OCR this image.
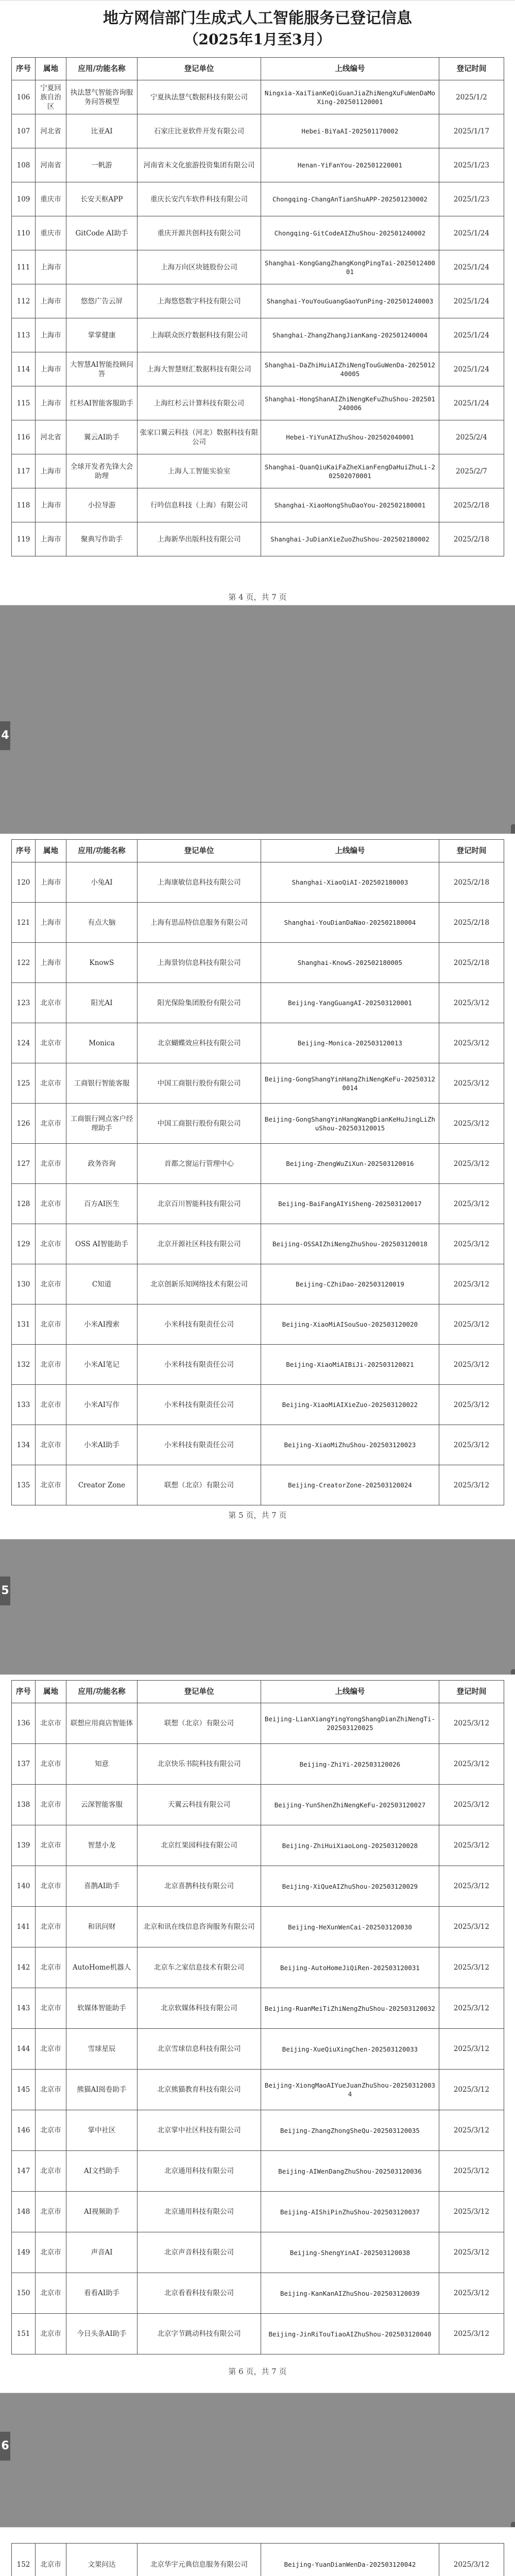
地方网信部门生成式人工智能服务已登记信息
（2025年1月至3月）
序号	属地	应用/功能名称	登记单位	上线编号	登记时间
106	宁夏回族自治区	执法慧气智能咨询服务问答模型	宁夏执法慧气数据科技有限公司	Ningxia-XaiTianKeQiGuanJiaZhiNengXuFuWenDaMoXing-202501120001	2025/1/2
107	河北省	比亚AI	石家庄比亚软件开发有限公司	Hebei-BiYaAI-202501170002	2025/1/17
108	河南省	一帆游	河南省未文化旅游投资集团有限公司	Henan-YiFanYou-202501220001	2025/1/23
109	重庆市	长安天枢APP	重庆长安汽车软件科技有限公司	Chongqing-ChangAnTianShuAPP-202501230002	2025/1/23
110	重庆市	GitCode AI助手	重庆开源共创科技有限公司	Chongqing-GitCodeAIZhuShou-202501240002	2025/1/24
111	上海市		上海万向区块链股份公司	Shanghai-KongGangZhangKongPingTai-202501240001	2025/1/24
112	上海市	悠悠广告云屏	上海悠悠数字科技有限公司	Shanghai-YouYouGuangGaoYunPing-202501240003	2025/1/24
113	上海市	掌掌健康	上海联众医疗数据科技有限公司	Shanghai-ZhangZhangJianKang-202501240004	2025/1/24
114	上海市	大智慧AI智能投顾问答	上海大智慧财汇数据科技有限公司	Shanghai-DaZhiHuiAIZhiNengTouGuWenDa-202501240005	2025/1/24
115	上海市	红杉AI智能客服助手	上海红杉云计算科技有限公司	Shanghai-HongShanAIZhiNengKeFuZhuShou-202501240006	2025/1/24
116	河北省	翼云AI助手	张家口翼云科技（河北）数据科技有限公司	Hebei-YiYunAIZhuShou-202502040001	2025/2/4
117	上海市	全球开发者先锋大会助理	上海人工智能实验室	Shanghai-QuanQiuKaiFaZheXianFengDaHuiZhuLi-202502070001	2025/2/7
118	上海市	小拉导游	行吟信息科技（上海）有限公司	Shanghai-XiaoHongShuDaoYou-202502180001	2025/2/18
119	上海市	聚典写作助手	上海新华出版科技有限公司	Shanghai-JuDianXieZuoZhuShou-202502180002	2025/2/18
第 4 页，共 7 页
4
序号	属地	应用/功能名称	登记单位	上线编号	登记时间
120	上海市	小兔AI	上海康敏信息科技有限公司	Shanghai-XiaoQiAI-202502180003	2025/2/18
121	上海市	有点大脑	上海有思品特信息服务有限公司	Shanghai-YouDianDaNao-202502180004	2025/2/18
122	上海市	KnowS	上海景钧信息科技有限公司	Shanghai-KnowS-202502180005	2025/2/18
123	北京市	阳光AI	阳光保险集团股份有限公司	Beijing-YangGuangAI-202503120001	2025/3/12
124	北京市	Monica	北京蝴蝶效应科技有限公司	Beijing-Monica-202503120013	2025/3/12
125	北京市	工商银行智能客服	中国工商银行股份有限公司	Beijing-GongShangYinHangZhiNengKeFu-202503120014	2025/3/12
126	北京市	工商银行网点客户经理助手	中国工商银行股份有限公司	Beijing-GongShangYinHangWangDianKeHuJingLiZhuShou-202503120015	2025/3/12
127	北京市	政务咨询	首都之窗运行管理中心	Beijing-ZhengWuZiXun-202503120016	2025/3/12
128	北京市	百方AI医生	北京百川智能科技有限公司	Beijing-BaiFangAIYiSheng-202503120017	2025/3/12
129	北京市	OSS AI智能助手	北京开源社区科技有限公司	Beijing-OSSAIZhiNengZhuShou-202503120018	2025/3/12
130	北京市	C知道	北京创新乐知网络技术有限公司	Beijing-CZhiDao-202503120019	2025/3/12
131	北京市	小米AI搜索	小米科技有限责任公司	Beijing-XiaoMiAISouSuo-202503120020	2025/3/12
132	北京市	小米AI笔记	小米科技有限责任公司	Beijing-XiaoMiAIBiJi-202503120021	2025/3/12
133	北京市	小米AI写作	小米科技有限责任公司	Beijing-XiaoMiAIXieZuo-202503120022	2025/3/12
134	北京市	小米AI助手	小米科技有限责任公司	Beijing-XiaoMiZhuShou-202503120023	2025/3/12
135	北京市	Creator Zone	联想（北京）有限公司	Beijing-CreatorZone-202503120024	2025/3/12
第 5 页，共 7 页
5
序号	属地	应用/功能名称	登记单位	上线编号	登记时间
136	北京市	联想应用商店智能体	联想（北京）有限公司	Beijing-LianXiangYingYongShangDianZhiNengTi-202503120025	2025/3/12
137	北京市	知意	北京快乐书院科技有限公司	Beijing-ZhiYi-202503120026	2025/3/12
138	北京市	云深智能客服	天翼云科技有限公司	Beijing-YunShenZhiNengKeFu-202503120027	2025/3/12
139	北京市	智慧小龙	北京红果园科技有限公司	Beijing-ZhiHuiXiaoLong-202503120028	2025/3/12
140	北京市	喜鹊AI助手	北京喜鹊科技有限公司	Beijing-XiQueAIZhuShou-202503120029	2025/3/12
141	北京市	和讯问财	北京和讯在线信息咨询服务有限公司	Beijing-HeXunWenCai-202503120030	2025/3/12
142	北京市	AutoHome机器人	北京车之家信息技术有限公司	Beijing-AutoHomeJiQiRen-202503120031	2025/3/12
143	北京市	软媒体智能助手	北京软媒体科技有限公司	Beijing-RuanMeiTiZhiNengZhuShou-202503120032	2025/3/12
144	北京市	雪球星辰	北京雪球信息科技有限公司	Beijing-XueQiuXingChen-202503120033	2025/3/12
145	北京市	熊猫AI阅卷助手	北京熊猫教育科技有限公司	Beijing-XiongMaoAIYueJuanZhuShou-202503120034	2025/3/12
146	北京市	掌中社区	北京掌中社区科技有限公司	Beijing-ZhangZhongSheQu-202503120035	2025/3/12
147	北京市	AI文档助手	北京通用科技有限公司	Beijing-AIWenDangZhuShou-202503120036	2025/3/12
148	北京市	AI视频助手	北京通用科技有限公司	Beijing-AIShiPinZhuShou-202503120037	2025/3/12
149	北京市	声音AI	北京声音科技有限公司	Beijing-ShengYinAI-202503120038	2025/3/12
150	北京市	看看AI助手	北京看看科技有限公司	Beijing-KanKanAIZhuShou-202503120039	2025/3/12
151	北京市	今日头条AI助手	北京字节跳动科技有限公司	Beijing-JinRiTouTiaoAIZhuShou-202503120040	2025/3/12
第 6 页，共 7 页
6
152	北京市	文果问达	北京华宇元典信息服务有限公司	Beijing-YuanDianWenDa-202503120042	2025/3/12
